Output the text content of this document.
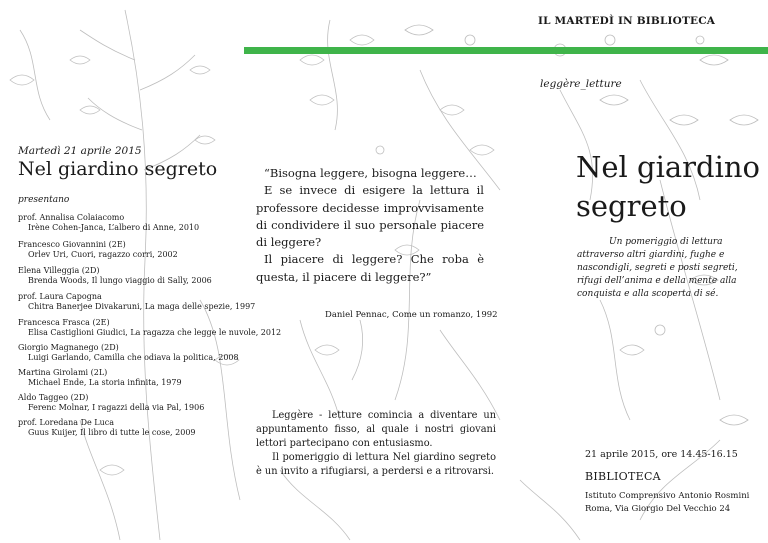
IL MARTEDÌ IN BIBLIOTECA
leggère_letture
Nel giardino
segreto
Un pomeriggio di lettura attraverso altri giardini, fughe e nascondigli, segreti e posti segreti, rifugi dell’anima e della mente alla conquista e alla scoperta di sé.
21 aprile 2015, ore 14.45-16.15
BIBLIOTECA
Istituto Comprensivo Antonio Rosmini
Roma, Via Giorgio Del Vecchio 24
Martedì 21 aprile 2015
Nel giardino segreto
presentano
prof. Annalisa Colaiacomo
Irène Cohen-Janca, L’albero di Anne, 2010
Francesco Giovannini (2E)
Orlev Uri, Cuori, ragazzo corri, 2002
Elena Villeggia (2D)
Brenda Woods, Il lungo viaggio di Sally, 2006
prof. Laura Capogna
Chitra Banerjee Divakaruni, La maga delle spezie, 1997
Francesca Frasca (2E)
Elisa Castiglioni Giudici, La ragazza che legge le nuvole, 2012
Giorgio Magnanego (2D)
Luigi Garlando, Camilla che odiava la politica, 2008
Martina Girolami (2L)
Michael Ende, La storia infinita, 1979
Aldo Taggeo (2D)
Ferenc Molnar, I ragazzi della via Pal, 1906
prof. Loredana De Luca
Guus Kuijer, Il libro di tutte le cose, 2009

“Bisogna leggere, bisogna leggere…

E se invece di esigere la lettura il professore decidesse improvvisamente di condividere il suo personale piacere di leggere?

Il piacere di leggere? Che roba è questa, il piacere di leggere?”

Daniel Pennac, Come un romanzo, 1992

Leggère - letture comincia a diventare un appuntamento fisso, al quale i nostri giovani lettori partecipano con entusiasmo.

Il pomeriggio di lettura Nel giardino segreto è un invito a rifugiarsi, a perdersi e a ritrovarsi.
